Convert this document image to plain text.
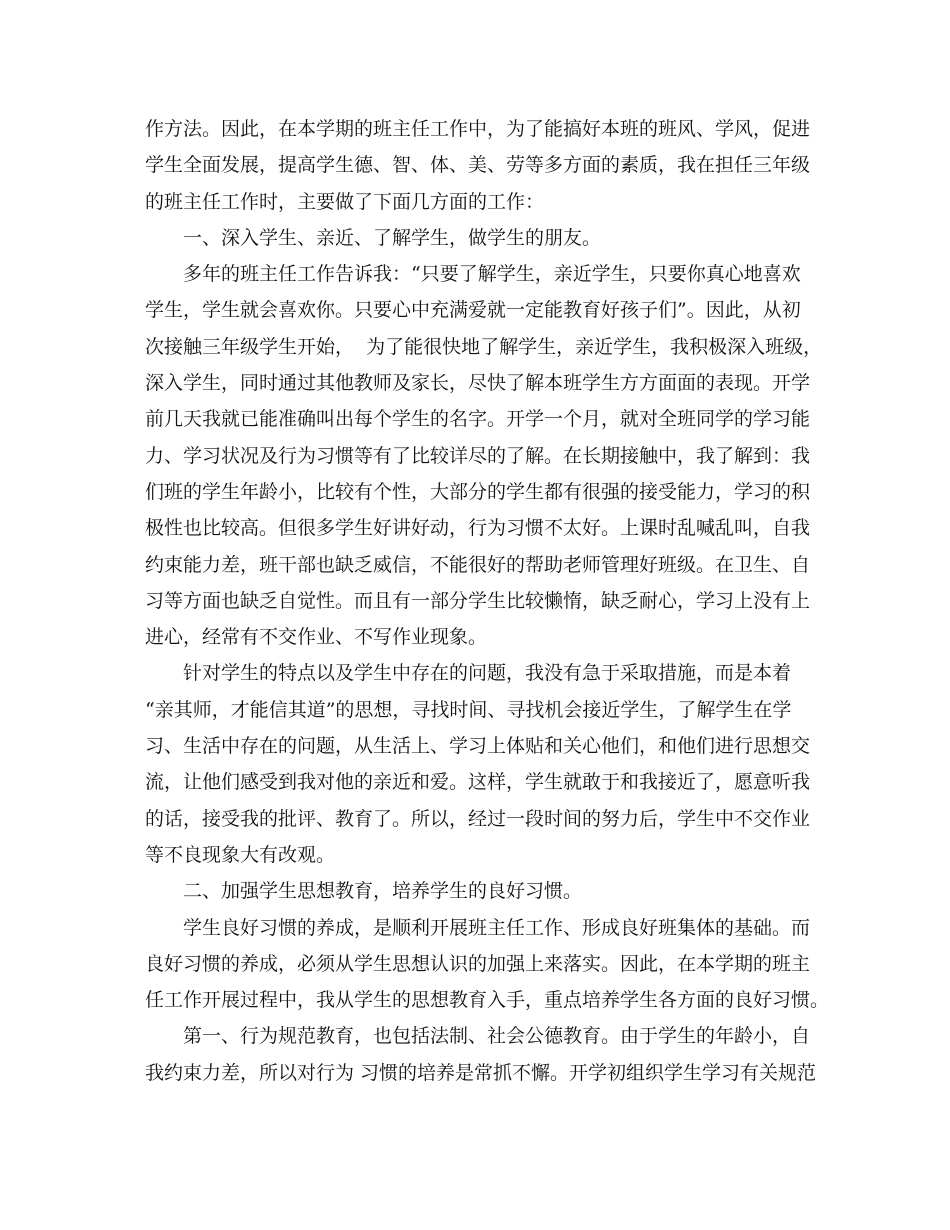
作方法。因此，在本学期的班主任工作中，为了能搞好本班的班风、学风，促进

学生全面发展，提高学生德、智、体、美、劳等多方面的素质，我在担任三年级

的班主任工作时，主要做了下面几方面的工作：

一、深入学生、亲近、了解学生，做学生的朋友。

多年的班主任工作告诉我：“只要了解学生，亲近学生，只要你真心地喜欢

学生，学生就会喜欢你。只要心中充满爱就一定能教育好孩子们”。因此，从初

次接触三年级学生开始，  为了能很快地了解学生，亲近学生，我积极深入班级，

深入学生，同时通过其他教师及家长，尽快了解本班学生方方面面的表现。开学

前几天我就已能准确叫出每个学生的名字。开学一个月，就对全班同学的学习能

力、学习状况及行为习惯等有了比较详尽的了解。在长期接触中，我了解到：我

们班的学生年龄小，比较有个性，大部分的学生都有很强的接受能力，学习的积

极性也比较高。但很多学生好讲好动，行为习惯不太好。上课时乱喊乱叫，自我

约束能力差，班干部也缺乏威信，不能很好的帮助老师管理好班级。在卫生、自

习等方面也缺乏自觉性。而且有一部分学生比较懒惰，缺乏耐心，学习上没有上

进心，经常有不交作业、不写作业现象。

针对学生的特点以及学生中存在的问题，我没有急于采取措施，而是本着

“亲其师，才能信其道”的思想，寻找时间、寻找机会接近学生，了解学生在学

习、生活中存在的问题，从生活上、学习上体贴和关心他们，和他们进行思想交

流，让他们感受到我对他的亲近和爱。这样，学生就敢于和我接近了，愿意听我

的话，接受我的批评、教育了。所以，经过一段时间的努力后，学生中不交作业

等不良现象大有改观。

二、加强学生思想教育，培养学生的良好习惯。

学生良好习惯的养成，是顺利开展班主任工作、形成良好班集体的基础。而

良好习惯的养成，必须从学生思想认识的加强上来落实。因此，在本学期的班主

任工作开展过程中，我从学生的思想教育入手，重点培养学生各方面的良好习惯。

第一、行为规范教育，也包括法制、社会公德教育。由于学生的年龄小，自

我约束力差，所以对行为 习惯的培养是常抓不懈。开学初组织学生学习有关规范
